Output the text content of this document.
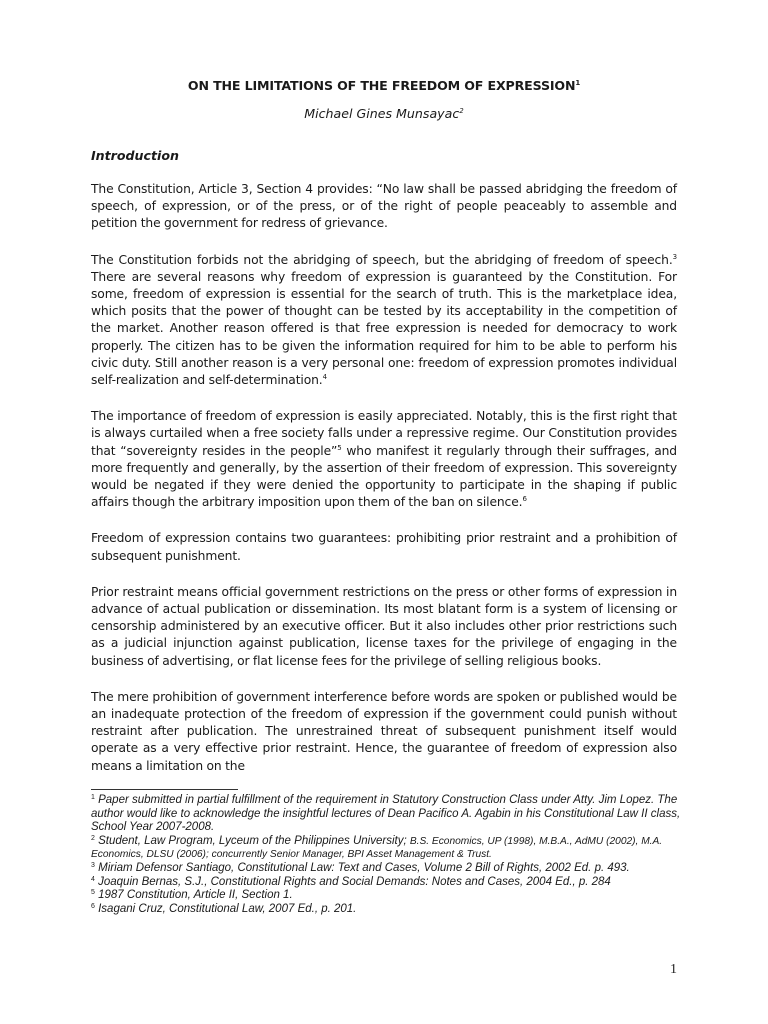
ON THE LIMITATIONS OF THE FREEDOM OF EXPRESSION$^1$

Michael Gines Munsayac$^2$

Introduction

The Constitution, Article 3, Section 4 provides: “No law shall be passed abridging the freedom of speech, of expression, or of the press, or of the right of people peaceably to assemble and petition the government for redress of grievance.

The Constitution forbids not the abridging of speech, but the abridging of freedom of speech.$^3$ There are several reasons why freedom of expression is guaranteed by the Constitution. For some, freedom of expression is essential for the search of truth. This is the marketplace idea, which posits that the power of thought can be tested by its acceptability in the competition of the market. Another reason offered is that free expression is needed for democracy to work properly. The citizen has to be given the information required for him to be able to perform his civic duty. Still another reason is a very personal one: freedom of expression promotes individual self-realization and self-determination.$^4$

The importance of freedom of expression is easily appreciated. Notably, this is the first right that is always curtailed when a free society falls under a repressive regime. Our Constitution provides that “sovereignty resides in the people”$^5$ who manifest it regularly through their suffrages, and more frequently and generally, by the assertion of their freedom of expression. This sovereignty would be negated if they were denied the opportunity to participate in the shaping if public affairs though the arbitrary imposition upon them of the ban on silence.$^6$

Freedom of expression contains two guarantees: prohibiting prior restraint and a prohibition of subsequent punishment.

Prior restraint means official government restrictions on the press or other forms of expression in advance of actual publication or dissemination. Its most blatant form is a system of licensing or censorship administered by an executive officer. But it also includes other prior restrictions such as a judicial injunction against publication, license taxes for the privilege of engaging in the business of advertising, or flat license fees for the privilege of selling religious books.

The mere prohibition of government interference before words are spoken or published would be an inadequate protection of the freedom of expression if the government could punish without restraint after publication. The unrestrained threat of subsequent punishment itself would operate as a very effective prior restraint. Hence, the guarantee of freedom of expression also means a limitation on the

$^1$ Paper submitted in partial fulfillment of the requirement in Statutory Construction Class under Atty. Jim Lopez. The author would like to acknowledge the insightful lectures of Dean Pacifico A. Agabin in his Constitutional Law II class, School Year 2007-2008.

$^2$ Student, Law Program, Lyceum of the Philippines University; B.S. Economics, UP (1998), M.B.A., AdMU (2002), M.A. Economics, DLSU (2006); concurrently Senior Manager, BPI Asset Management & Trust.

$^3$ Miriam Defensor Santiago, Constitutional Law: Text and Cases, Volume 2 Bill of Rights, 2002 Ed. p. 493.

$^4$ Joaquin Bernas, S.J., Constitutional Rights and Social Demands: Notes and Cases, 2004 Ed., p. 284

$^5$ 1987 Constitution, Article II, Section 1.

$^6$ Isagani Cruz, Constitutional Law, 2007 Ed., p. 201.

1
